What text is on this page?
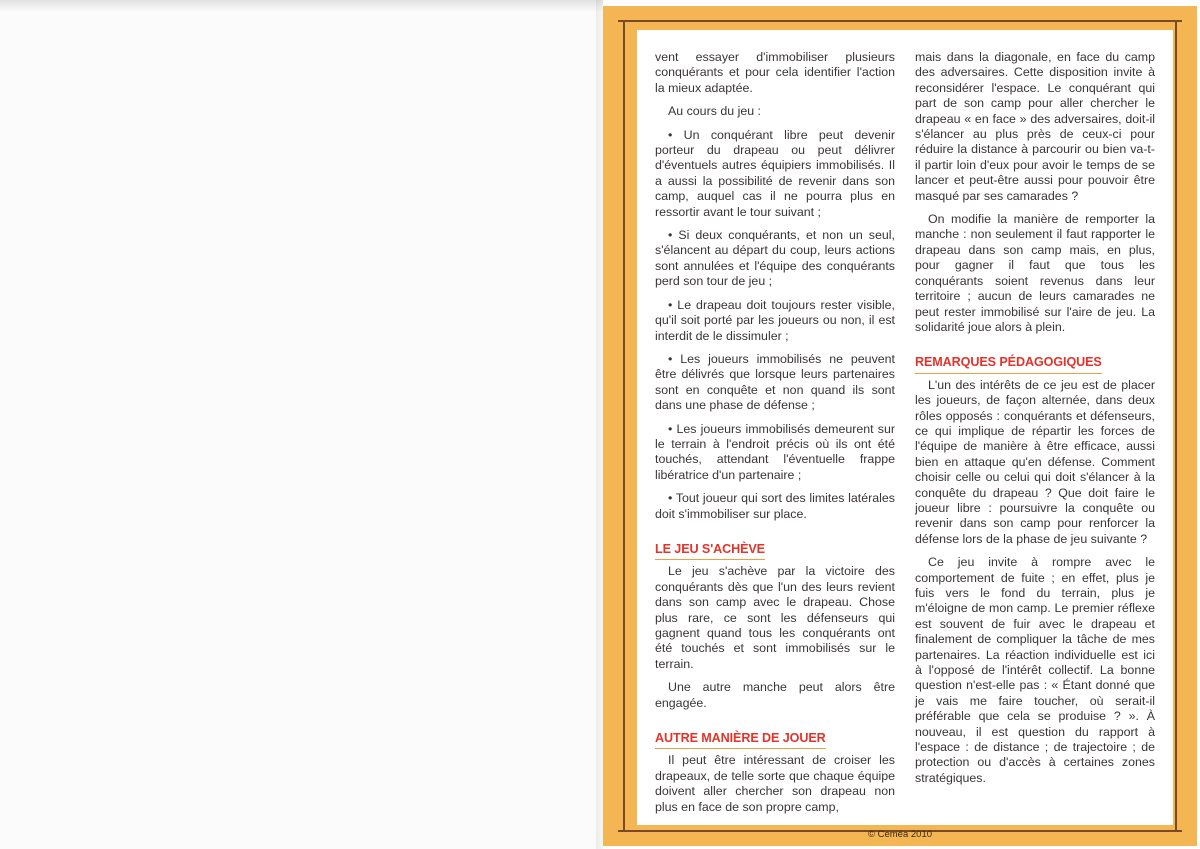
vent essayer d'immobiliser plusieurs conquérants et pour cela identifier l'action la mieux adaptée.

Au cours du jeu :

• Un conquérant libre peut devenir porteur du drapeau ou peut délivrer d'éventuels autres équipiers immobilisés. Il a aussi la possibilité de revenir dans son camp, auquel cas il ne pourra plus en ressortir avant le tour suivant ;

• Si deux conquérants, et non un seul, s'élancent au départ du coup, leurs actions sont annulées et l'équipe des conquérants perd son tour de jeu ;

• Le drapeau doit toujours rester visible, qu'il soit porté par les joueurs ou non, il est interdit de le dissimuler ;

• Les joueurs immobilisés ne peuvent être délivrés que lorsque leurs partenaires sont en conquête et non quand ils sont dans une phase de défense ;

• Les joueurs immobilisés demeurent sur le terrain à l'endroit précis où ils ont été touchés, attendant l'éventuelle frappe libératrice d'un partenaire ;

• Tout joueur qui sort des limites latérales doit s'immobiliser sur place.

LE JEU S'ACHÈVE

Le jeu s'achève par la victoire des conquérants dès que l'un des leurs revient dans son camp avec le drapeau. Chose plus rare, ce sont les défenseurs qui gagnent quand tous les conquérants ont été touchés et sont immobilisés sur le terrain.

Une autre manche peut alors être engagée.

AUTRE MANIÈRE DE JOUER

Il peut être intéressant de croiser les drapeaux, de telle sorte que chaque équipe doivent aller chercher son drapeau non plus en face de son propre camp,

mais dans la diagonale, en face du camp des adversaires. Cette disposition invite à reconsidérer l'espace. Le conquérant qui part de son camp pour aller chercher le drapeau « en face » des adversaires, doit-il s'élancer au plus près de ceux-ci pour réduire la distance à parcourir ou bien va-t-il partir loin d'eux pour avoir le temps de se lancer et peut-être aussi pour pouvoir être masqué par ses camarades ?

On modifie la manière de remporter la manche : non seulement il faut rapporter le drapeau dans son camp mais, en plus, pour gagner il faut que tous les conquérants soient revenus dans leur territoire ; aucun de leurs camarades ne peut rester immobilisé sur l'aire de jeu. La solidarité joue alors à plein.

REMARQUES PÉDAGOGIQUES

L'un des intérêts de ce jeu est de placer les joueurs, de façon alternée, dans deux rôles opposés : conquérants et défenseurs, ce qui implique de répartir les forces de l'équipe de manière à être efficace, aussi bien en attaque qu'en défense. Comment choisir celle ou celui qui doit s'élancer à la conquête du drapeau ? Que doit faire le joueur libre : poursuivre la conquête ou revenir dans son camp pour renforcer la défense lors de la phase de jeu suivante ?

Ce jeu invite à rompre avec le comportement de fuite ; en effet, plus je fuis vers le fond du terrain, plus je m'éloigne de mon camp. Le premier réflexe est souvent de fuir avec le drapeau et finalement de compliquer la tâche de mes partenaires. La réaction individuelle est ici à l'opposé de l'intérêt collectif. La bonne question n'est-elle pas : « Étant donné que je vais me faire toucher, où serait-il préférable que cela se produise ? ». À nouveau, il est question du rapport à l'espace : de distance ; de trajectoire ; de protection ou d'accès à certaines zones stratégiques.

© Ceméa 2010
